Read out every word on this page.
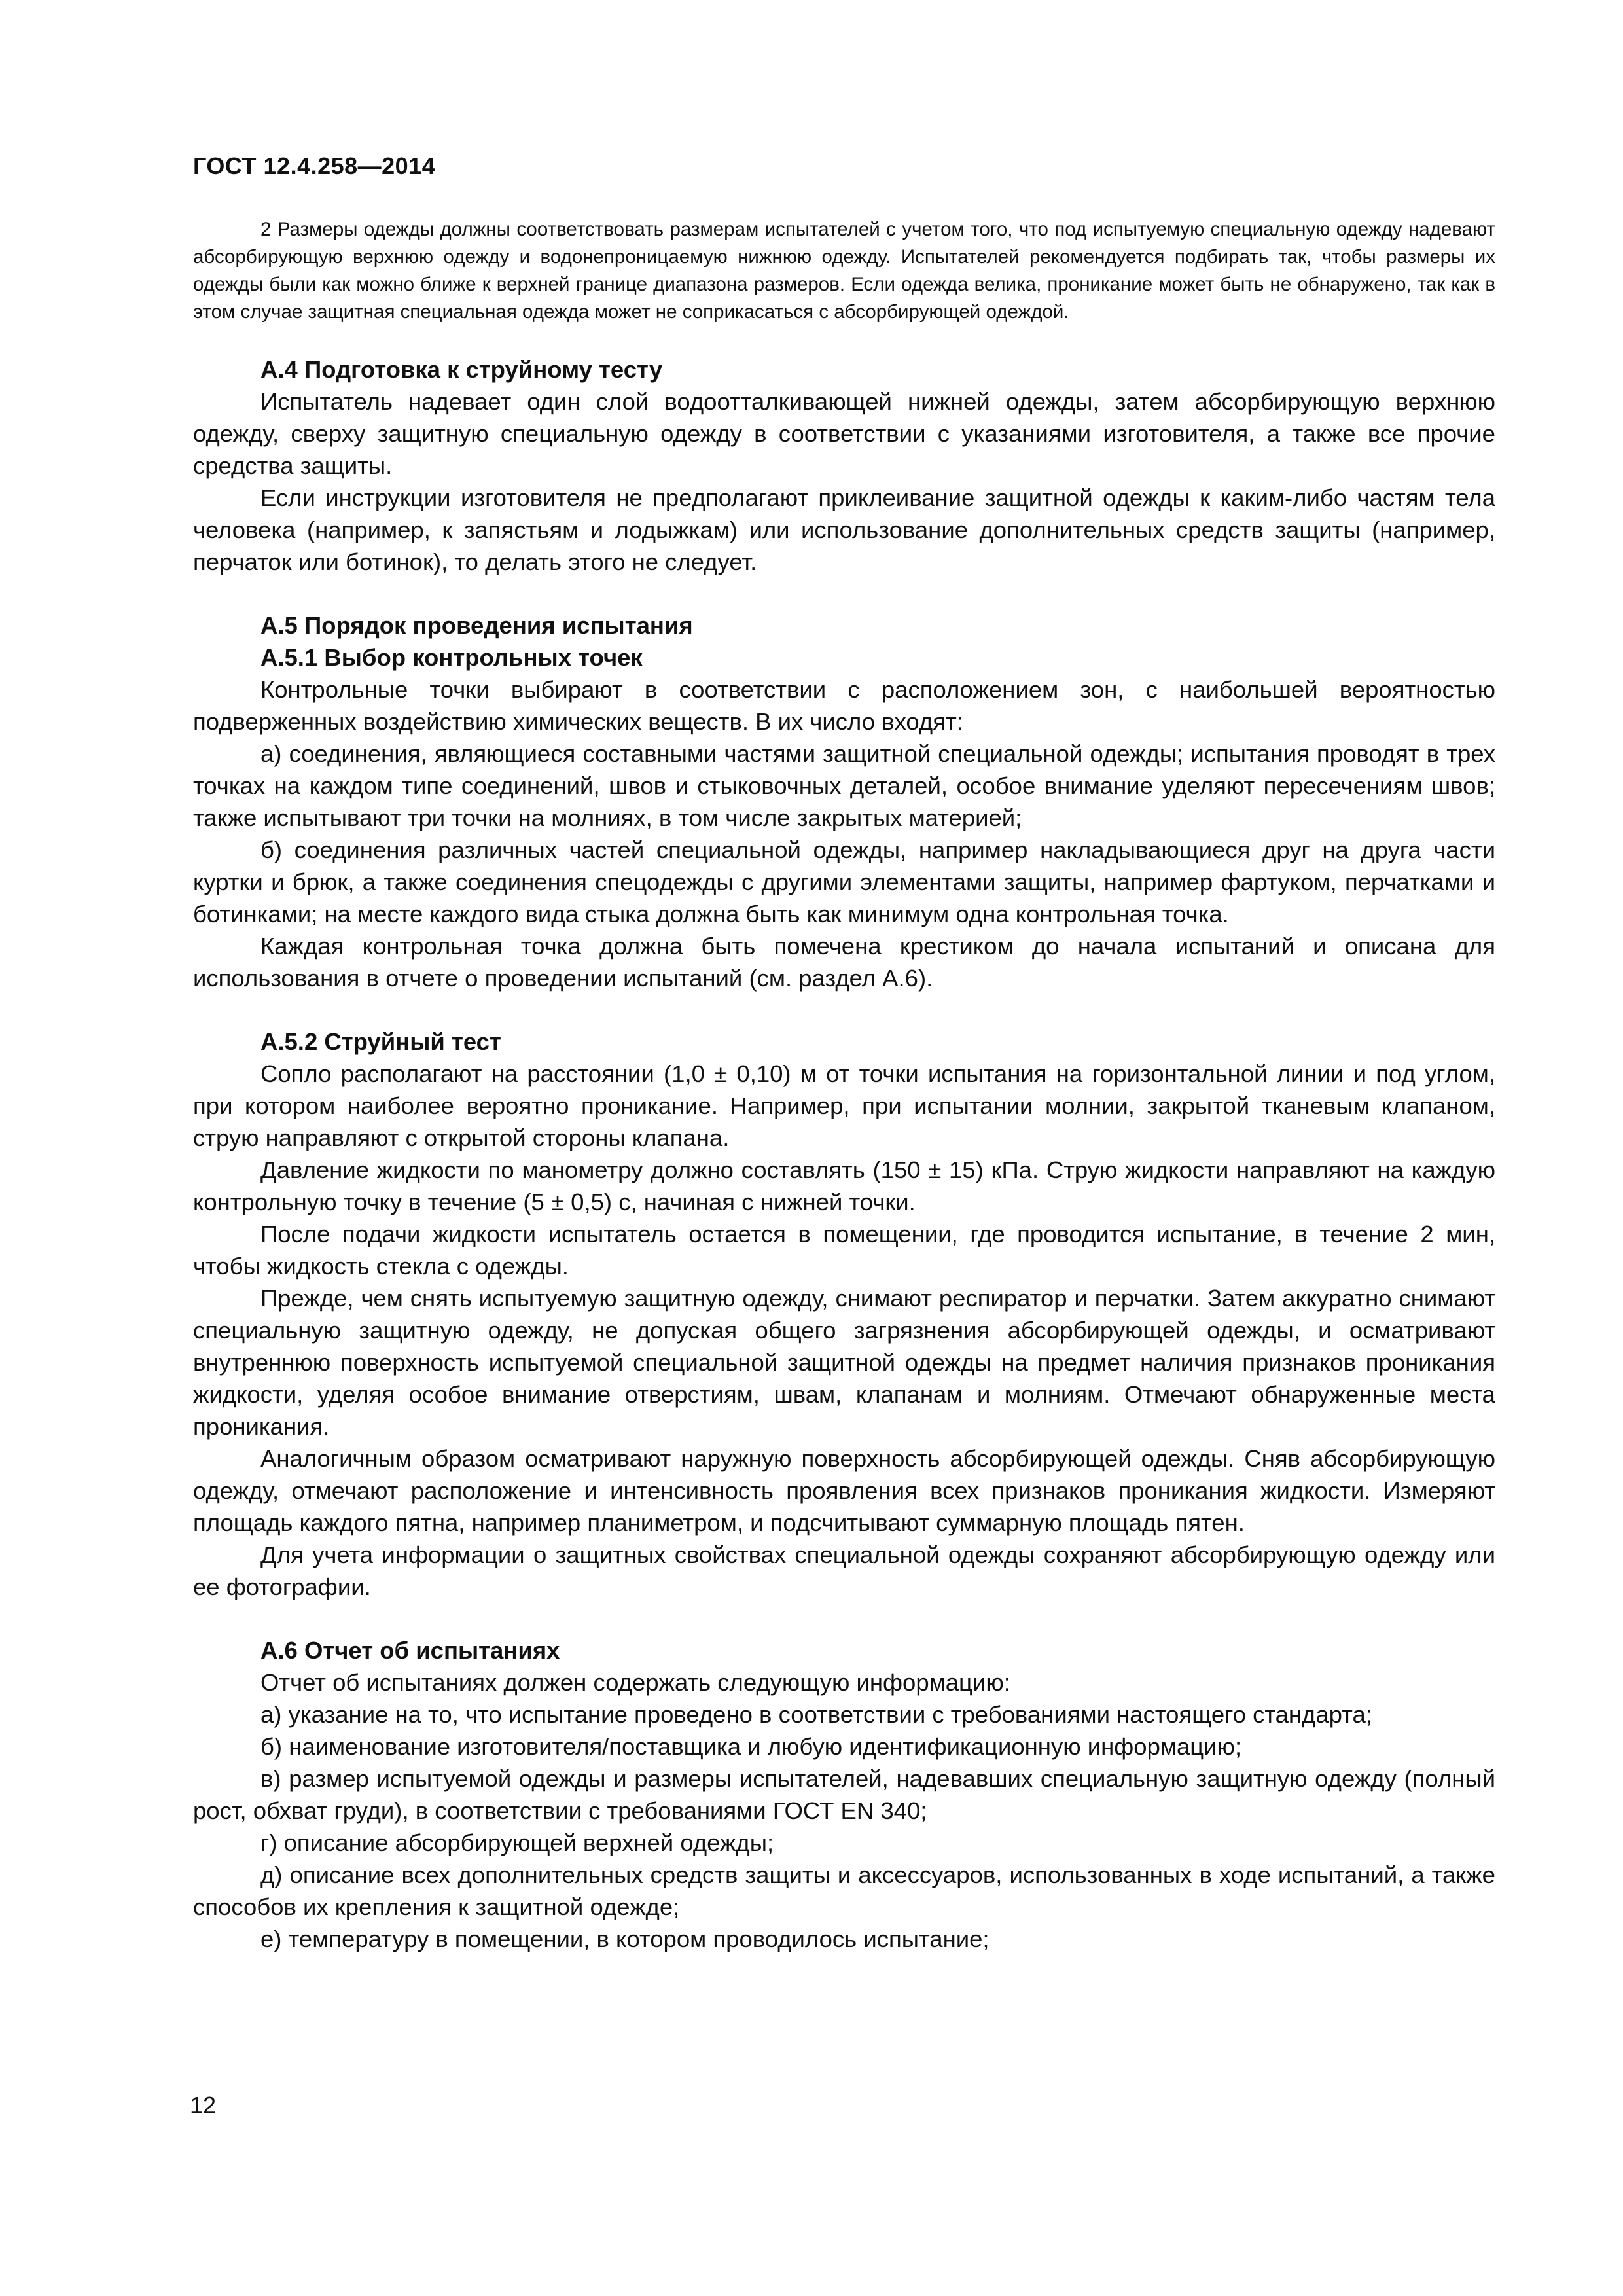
ГОСТ 12.4.258—2014

2 Размеры одежды должны соответствовать размерам испытателей с учетом того, что под испытуемую специальную одежду надевают абсорбирующую верхнюю одежду и водонепроницаемую нижнюю одежду. Испытателей рекомендуется подбирать так, чтобы размеры их одежды были как можно ближе к верхней границе диапазона размеров. Если одежда велика, проникание может быть не обнаружено, так как в этом случае защитная специальная одежда может не соприкасаться с абсорбирующей одеждой.

А.4 Подготовка к струйному тесту

Испытатель надевает один слой водоотталкивающей нижней одежды, затем абсорбирующую верхнюю одежду, сверху защитную специальную одежду в соответствии с указаниями изготовителя, а также все прочие средства защиты.

Если инструкции изготовителя не предполагают приклеивание защитной одежды к каким-либо частям тела человека (например, к запястьям и лодыжкам) или использование дополнительных средств защиты (например, перчаток или ботинок), то делать этого не следует.

А.5 Порядок проведения испытания

А.5.1 Выбор контрольных точек

Контрольные точки выбирают в соответствии с расположением зон, с наибольшей вероятностью подверженных воздействию химических веществ. В их число входят:

а) соединения, являющиеся составными частями защитной специальной одежды; испытания проводят в трех точках на каждом типе соединений, швов и стыковочных деталей, особое внимание уделяют пересечениям швов; также испытывают три точки на молниях, в том числе закрытых материей;

б) соединения различных частей специальной одежды, например накладывающиеся друг на друга части куртки и брюк, а также соединения спецодежды с другими элементами защиты, например фартуком, перчатками и ботинками; на месте каждого вида стыка должна быть как минимум одна контрольная точка.

Каждая контрольная точка должна быть помечена крестиком до начала испытаний и описана для использования в отчете о проведении испытаний (см. раздел А.6).

А.5.2 Струйный тест

Сопло располагают на расстоянии (1,0 ± 0,10) м от точки испытания на горизонтальной линии и под углом, при котором наиболее вероятно проникание. Например, при испытании молнии, закрытой тканевым клапаном, струю направляют с открытой стороны клапана.

Давление жидкости по манометру должно составлять (150 ± 15) кПа. Струю жидкости направляют на каждую контрольную точку в течение (5 ± 0,5) с, начиная с нижней точки.

После подачи жидкости испытатель остается в помещении, где проводится испытание, в течение 2 мин, чтобы жидкость стекла с одежды.

Прежде, чем снять испытуемую защитную одежду, снимают респиратор и перчатки. Затем аккуратно снимают специальную защитную одежду, не допуская общего загрязнения абсорбирующей одежды, и осматривают внутреннюю поверхность испытуемой специальной защитной одежды на предмет наличия признаков проникания жидкости, уделяя особое внимание отверстиям, швам, клапанам и молниям. Отмечают обнаруженные места проникания.

Аналогичным образом осматривают наружную поверхность абсорбирующей одежды. Сняв абсорбирующую одежду, отмечают расположение и интенсивность проявления всех признаков проникания жидкости. Измеряют площадь каждого пятна, например планиметром, и подсчитывают суммарную площадь пятен.

Для учета информации о защитных свойствах специальной одежды сохраняют абсорбирующую одежду или ее фотографии.

А.6 Отчет об испытаниях

Отчет об испытаниях должен содержать следующую информацию:

а) указание на то, что испытание проведено в соответствии с требованиями настоящего стандарта;

б) наименование изготовителя/поставщика и любую идентификационную информацию;

в) размер испытуемой одежды и размеры испытателей, надевавших специальную защитную одежду (полный рост, обхват груди), в соответствии с требованиями ГОСТ EN 340;

г) описание абсорбирующей верхней одежды;

д) описание всех дополнительных средств защиты и аксессуаров, использованных в ходе испытаний, а также способов их крепления к защитной одежде;

е) температуру в помещении, в котором проводилось испытание;

12
